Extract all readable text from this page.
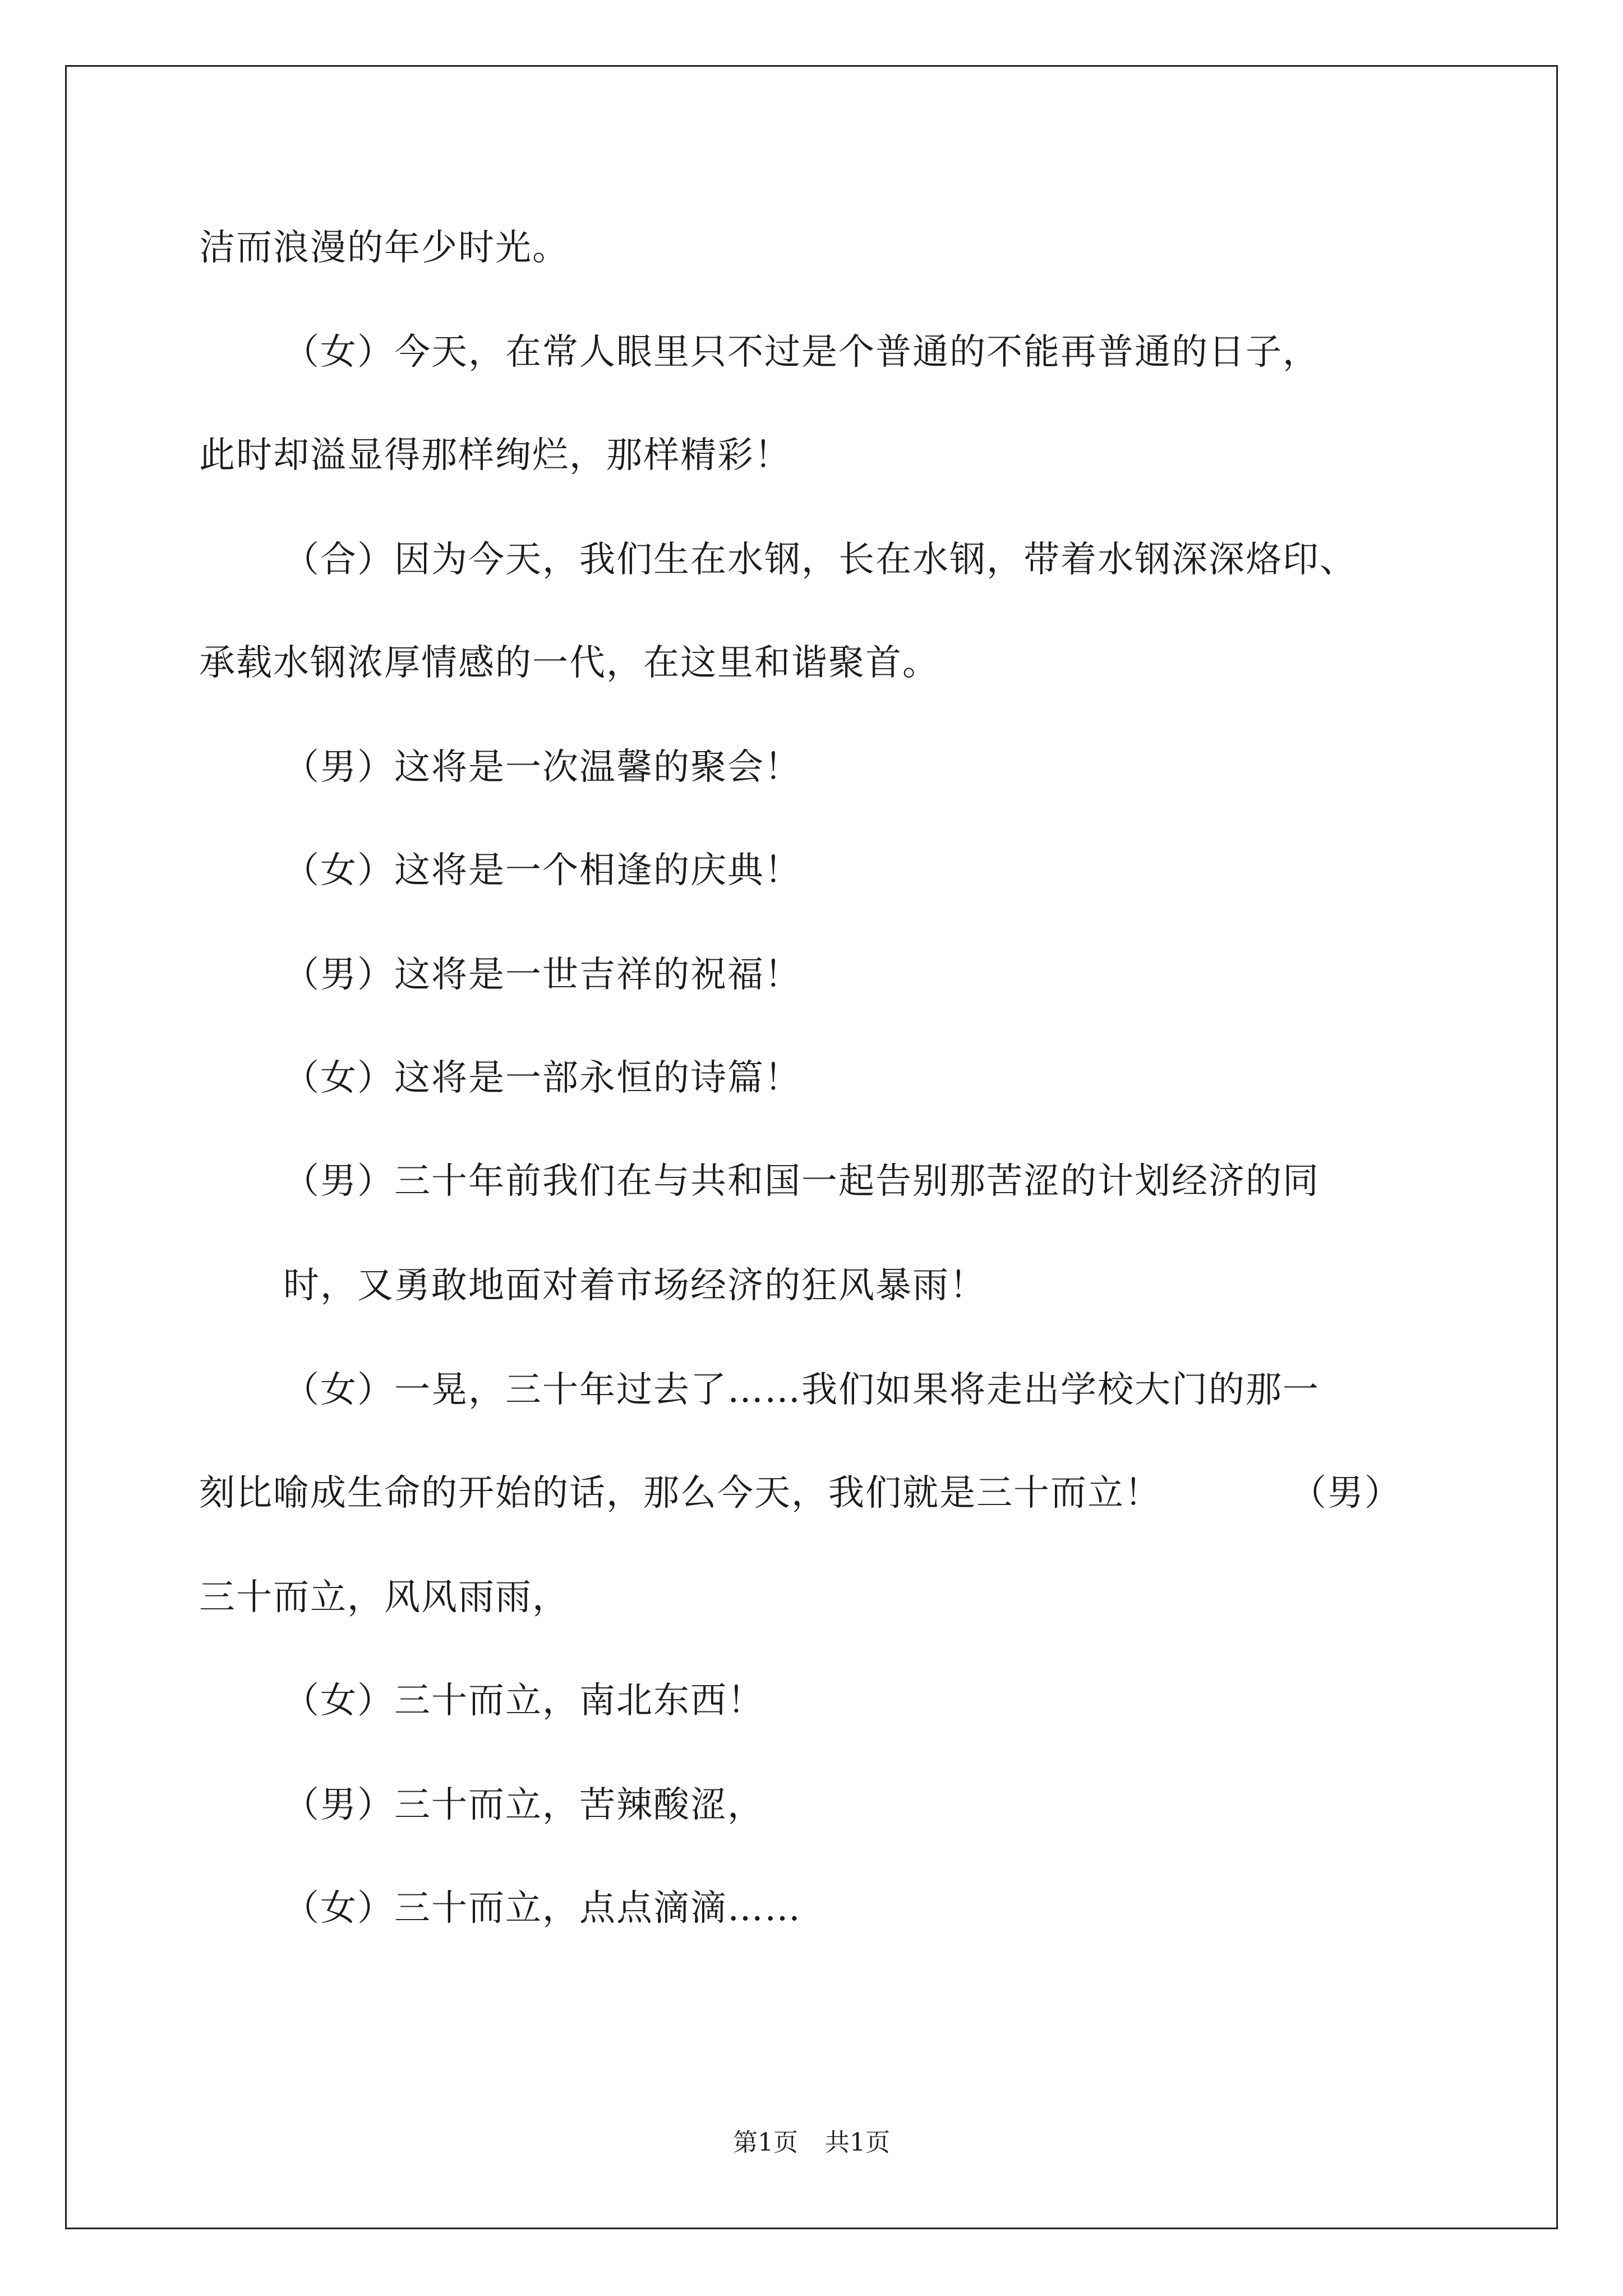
洁而浪漫的年少时光。

（女）今天，在常人眼里只不过是个普通的不能再普通的日子，

此时却溢显得那样绚烂，那样精彩！

（合）因为今天，我们生在水钢，长在水钢，带着水钢深深烙印、

承载水钢浓厚情感的一代，在这里和谐聚首。

（男）这将是一次温馨的聚会！

（女）这将是一个相逢的庆典！

（男）这将是一世吉祥的祝福！

（女）这将是一部永恒的诗篇！

（男）三十年前我们在与共和国一起告别那苦涩的计划经济的同

时，又勇敢地面对着市场经济的狂风暴雨！

（女）一晃，三十年过去了……我们如果将走出学校大门的那一

刻比喻成生命的开始的话，那么今天，我们就是三十而立！	（男）

三十而立，风风雨雨，

（女）三十而立，南北东西！

（男）三十而立，苦辣酸涩，

（女）三十而立，点点滴滴……

第1页 共1页
